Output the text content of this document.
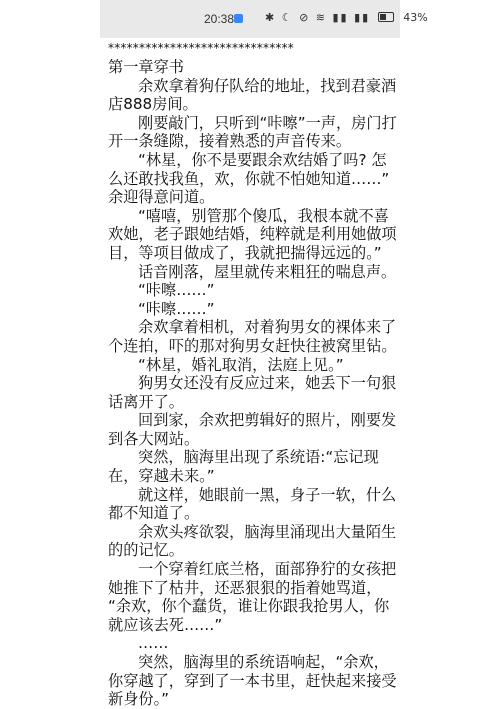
20:38	✱ ☾ ⊘ ≋ ▮▮ ▮▮	43%
******************************
第一章穿书
余欢拿着狗仔队给的地址，找到君豪酒
店888房间。
刚要敲门，只听到“咔嚓”一声，房门打
开一条缝隙，接着熟悉的声音传来。
“林星，你不是要跟余欢结婚了吗? 怎
么还敢找我鱼，欢，你就不怕她知道……”
余迎得意问道。
“嘻嘻，别管那个傻瓜，我根本就不喜
欢她，老子跟她结婚，纯粹就是利用她做项
目，等项目做成了，我就把揣得远远的。”
话音刚落，屋里就传来粗狂的喘息声。
“咔嚓……”
“咔嚓……”
余欢拿着相机，对着狗男女的裸体来了
个连拍，吓的那对狗男女赶快往被窝里钻。
“林星，婚礼取消，法庭上见。”
狗男女还没有反应过来，她丢下一句狠
话离开了。
回到家，余欢把剪辑好的照片，刚要发
到各大网站。
突然，脑海里出现了系统语:“忘记现
在，穿越未来。”
就这样，她眼前一黑，身子一软，什么
都不知道了。
余欢头疼欲裂，脑海里涌现出大量陌生
的的记忆。
一个穿着红底兰格，面部狰狞的女孩把
她推下了枯井，还恶狠狠的指着她骂道，
“余欢，你个蠢货，谁让你跟我抢男人，你
就应该去死……”
……
突然，脑海里的系统语响起，“余欢，
你穿越了，穿到了一本书里，赶快起来接受
新身份。”
